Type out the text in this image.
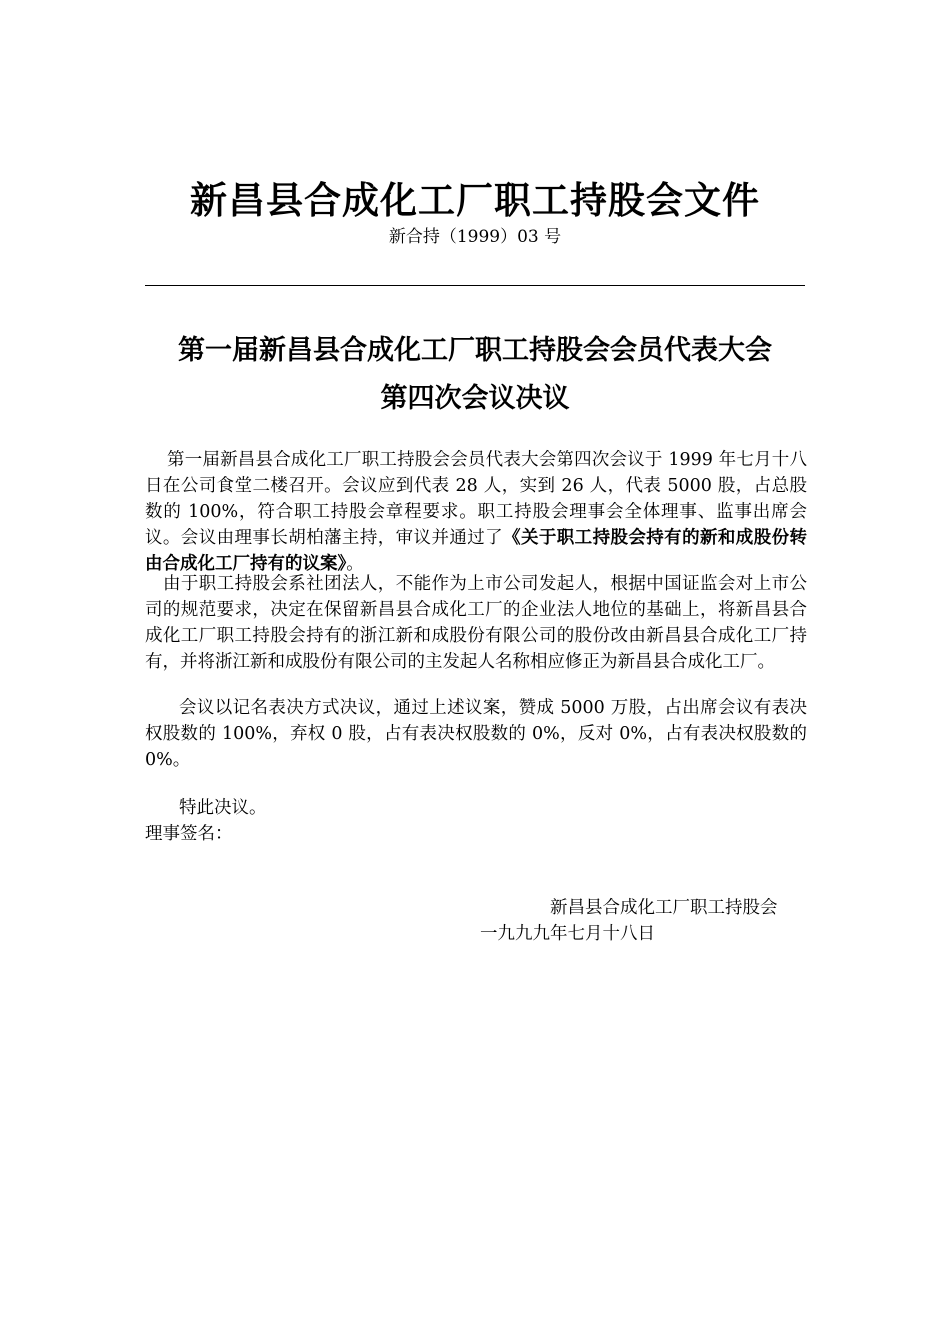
新昌县合成化工厂职工持股会文件
新合持（1999）03 号
第一届新昌县合成化工厂职工持股会会员代表大会
第四次会议决议
第一届新昌县合成化工厂职工持股会会员代表大会第四次会议于 1999 年七月十八日在公司食堂二楼召开。会议应到代表 28 人，实到 26 人，代表 5000 股，占总股数的 100%，符合职工持股会章程要求。职工持股会理事会全体理事、监事出席会议。会议由理事长胡柏藩主持，审议并通过了《关于职工持股会持有的新和成股份转由合成化工厂持有的议案》。
由于职工持股会系社团法人，不能作为上市公司发起人，根据中国证监会对上市公司的规范要求，决定在保留新昌县合成化工厂的企业法人地位的基础上，将新昌县合成化工厂职工持股会持有的浙江新和成股份有限公司的股份改由新昌县合成化工厂持有，并将浙江新和成股份有限公司的主发起人名称相应修正为新昌县合成化工厂。
会议以记名表决方式决议，通过上述议案，赞成 5000 万股，占出席会议有表决权股数的 100%，弃权 0 股，占有表决权股数的 0%，反对 0%，占有表决权股数的 0%。
特此决议。
理事签名：
新昌县合成化工厂职工持股会
一九九九年七月十八日
